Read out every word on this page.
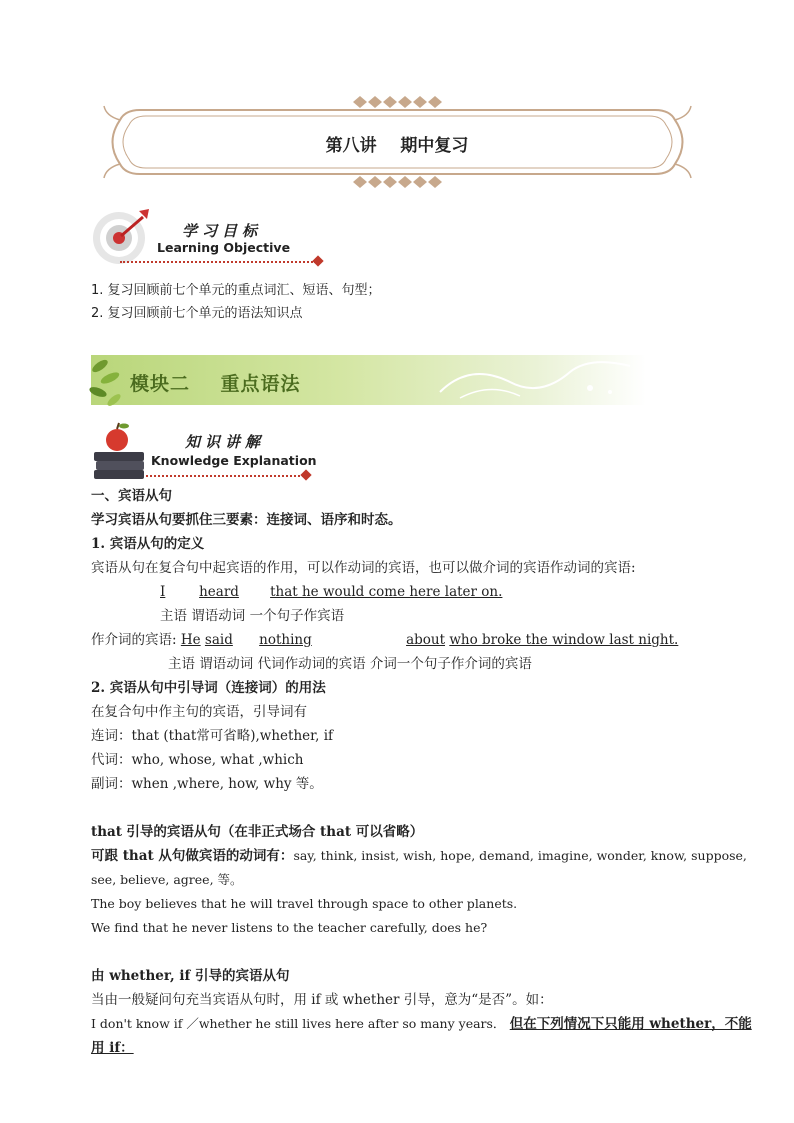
第八讲    期中复习
学习目标
Learning Objective
1. 复习回顾前七个单元的重点词汇、短语、句型；
2. 复习回顾前七个单元的语法知识点
模块二    重点语法
知识讲解
Knowledge Explanation
一、宾语从句
学习宾语从句要抓住三要素：连接词、语序和时态。
1. 宾语从句的定义
宾语从句在复合句中起宾语的作用，可以作动词的宾语，也可以做介词的宾语作动词的宾语:
I	heard that he would come here later on.
主语 谓语动词 一个句子作宾语
作介词的宾语: He said nothing	about who broke the window last night.
主语 谓语动词 代词作动词的宾语 介词一个句子作介词的宾语
2. 宾语从句中引导词（连接词）的用法
在复合句中作主句的宾语，引导词有
连词：that (that常可省略),whether, if
代词：who, whose, what ,which
副词：when ,where, how, why 等。
that 引导的宾语从句（在非正式场合 that 可以省略）
可跟 that 从句做宾语的动词有：say, think, insist, wish, hope, demand, imagine, wonder, know, suppose,
see, believe, agree, 等。
The boy believes that he will travel through space to other planets.
We find that he never listens to the teacher carefully, does he?
由 whether, if 引导的宾语从句
当由一般疑问句充当宾语从句时，用 if 或 whether 引导，意为“是否”。如：
I don't know if ／whether he still lives here after so many years． 但在下列情况下只能用 whether，不能
用 if：
